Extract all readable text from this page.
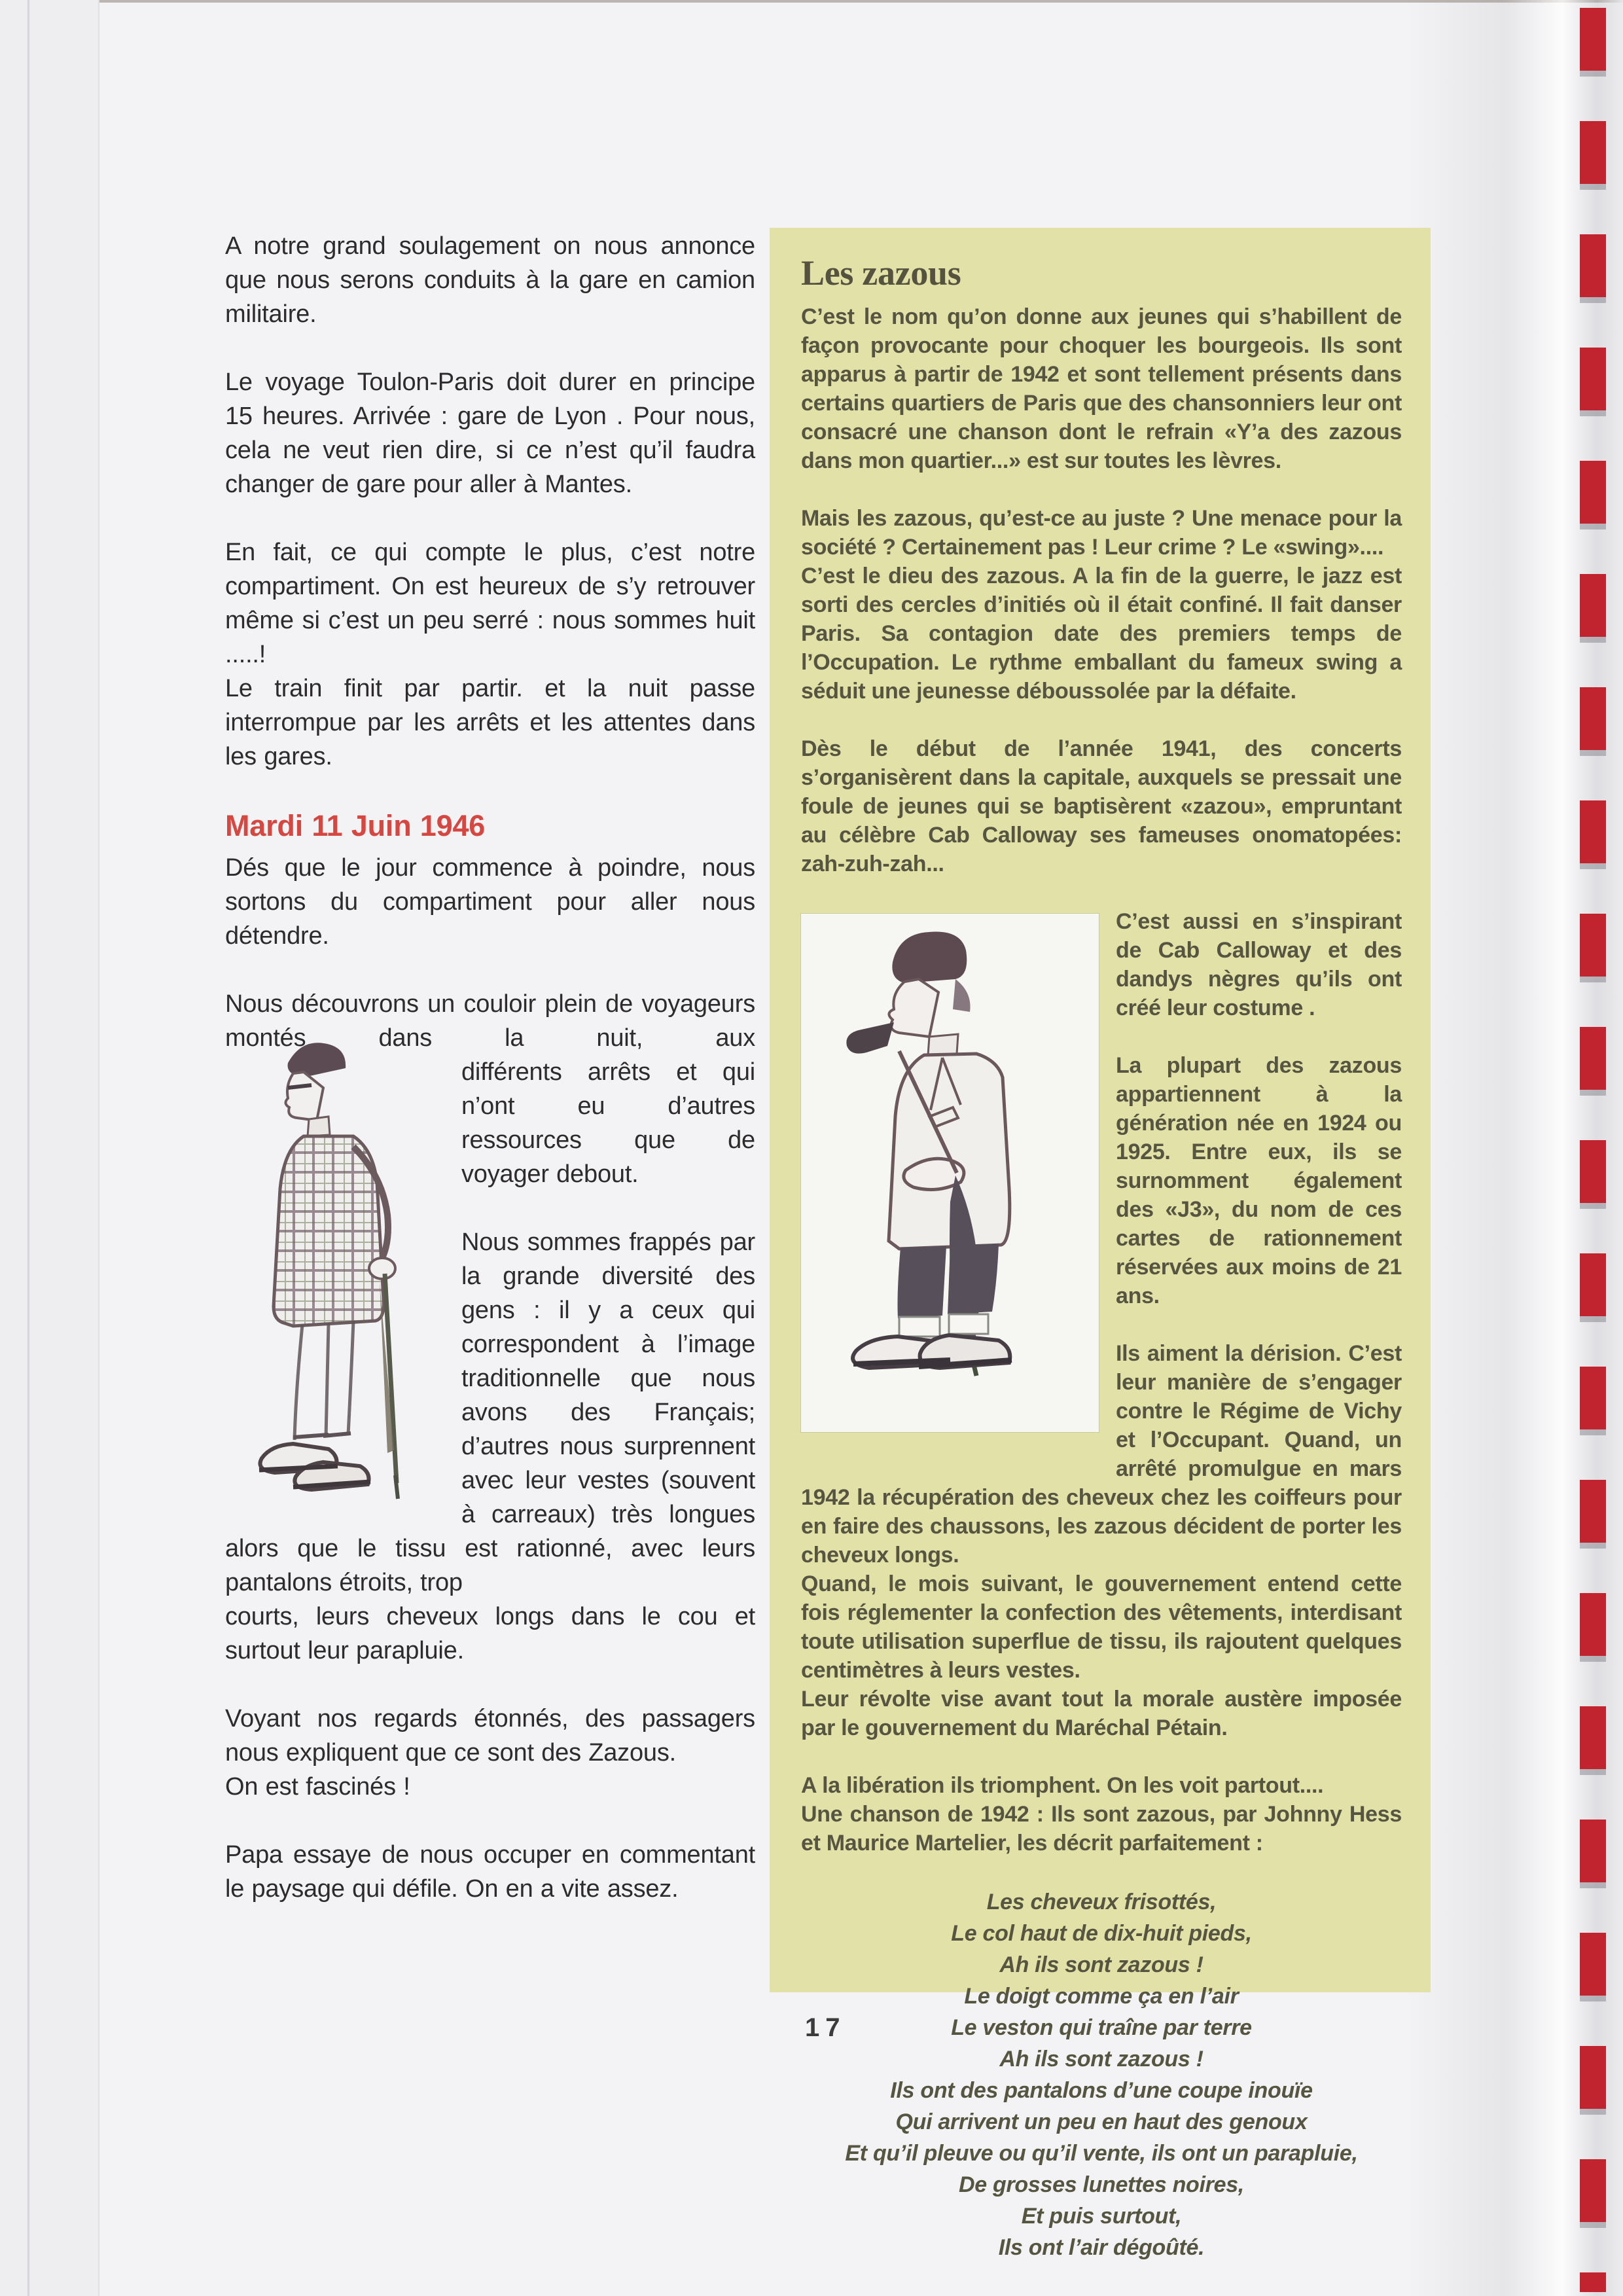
A notre grand soulagement on nous annonce que nous serons conduits à la gare en camion militaire.

Le voyage Toulon-Paris doit durer en principe 15 heures. Arrivée : gare de Lyon . Pour nous, cela ne veut rien dire, si ce n’est qu’il faudra changer de gare pour aller à Mantes.

En fait, ce qui compte le plus, c’est notre compartiment. On est heureux de s’y retrouver même si c’est un peu serré : nous sommes huit .....!

Le train finit par partir. et la nuit passe interrompue par les arrêts et les attentes dans les gares.

Mardi 11 Juin 1946

Dés que le jour commence à poindre, nous sortons du compartiment pour aller nous détendre.

Nous découvrons un couloir plein de voyageurs montés dans la nuit, aux

différents arrêts et qui n’ont eu d’autres ressources que de voyager debout.

Nous sommes frappés par la grande diversité des gens : il y a ceux qui correspondent à l’image traditionnelle que nous avons des Français; d’autres nous surprennent avec leur vestes (souvent à carreaux) très longues alors que le tissu est rationné, avec leurs pantalons étroits, trop

courts, leurs cheveux longs dans le cou et surtout leur parapluie.

Voyant nos regards étonnés, des passagers nous expliquent que ce sont des Zazous.

On est fascinés !

Papa essaye de nous occuper en commentant le paysage qui défile. On en a vite assez.

Les zazous

C’est le nom qu’on donne aux jeunes qui s’habillent de façon provocante pour choquer les bourgeois. Ils sont apparus à partir de 1942 et sont tellement présents dans certains quartiers de Paris que des chansonniers leur ont consacré une chanson dont le refrain «Y’a des zazous dans mon quartier...» est sur toutes les lèvres.

Mais les zazous, qu’est-ce au juste ? Une menace pour la société ? Certainement pas ! Leur crime ? Le «swing»....

C’est le dieu des zazous. A la fin de la guerre, le jazz est sorti des cercles d’initiés où il était confiné. Il fait danser Paris. Sa contagion date des premiers temps de l’Occupation. Le rythme emballant du fameux swing a séduit une jeunesse déboussolée par la défaite.

Dès le début de l’année 1941, des concerts s’organisèrent dans la capitale, auxquels se pressait une foule de jeunes qui se baptisèrent «zazou», empruntant au célèbre Cab Calloway ses fameuses onomatopées: zah-zuh-zah...

C’est aussi en s’inspirant de Cab Calloway et des dandys nègres qu’ils ont créé leur costume .

La plupart des zazous appartiennent à la génération née en 1924 ou 1925. Entre eux, ils se surnomment également des «J3», du nom de ces cartes de rationnement réservées aux moins de 21 ans.

Ils aiment la dérision. C’est leur manière de s’engager contre le Régime de Vichy et l’Occupant. Quand, un arrêté promulgue en mars 1942 la récupération des cheveux chez les coiffeurs pour en faire des chaussons, les zazous décident de porter les cheveux longs.

Quand, le mois suivant, le gouvernement entend cette fois réglementer la confection des vêtements, interdisant toute utilisation superflue de tissu, ils rajoutent quelques centimètres à leurs vestes.

Leur révolte vise avant tout la morale austère imposée par le gouvernement du Maréchal Pétain.

A la libération ils triomphent. On les voit partout....

Une chanson de 1942 : Ils sont zazous, par Johnny Hess et Maurice Martelier, les décrit parfaitement :

Les cheveux frisottés,
Le col haut de dix-huit pieds,
Ah ils sont zazous !
Le doigt comme ça en l’air
Le veston qui traîne par terre
Ah ils sont zazous !
Ils ont des pantalons d’une coupe inouïe
Qui arrivent un peu en haut des genoux
Et qu’il pleuve ou qu’il vente, ils ont un parapluie,
De grosses lunettes noires,
Et puis surtout,
Ils ont l’air dégoûté.
17
